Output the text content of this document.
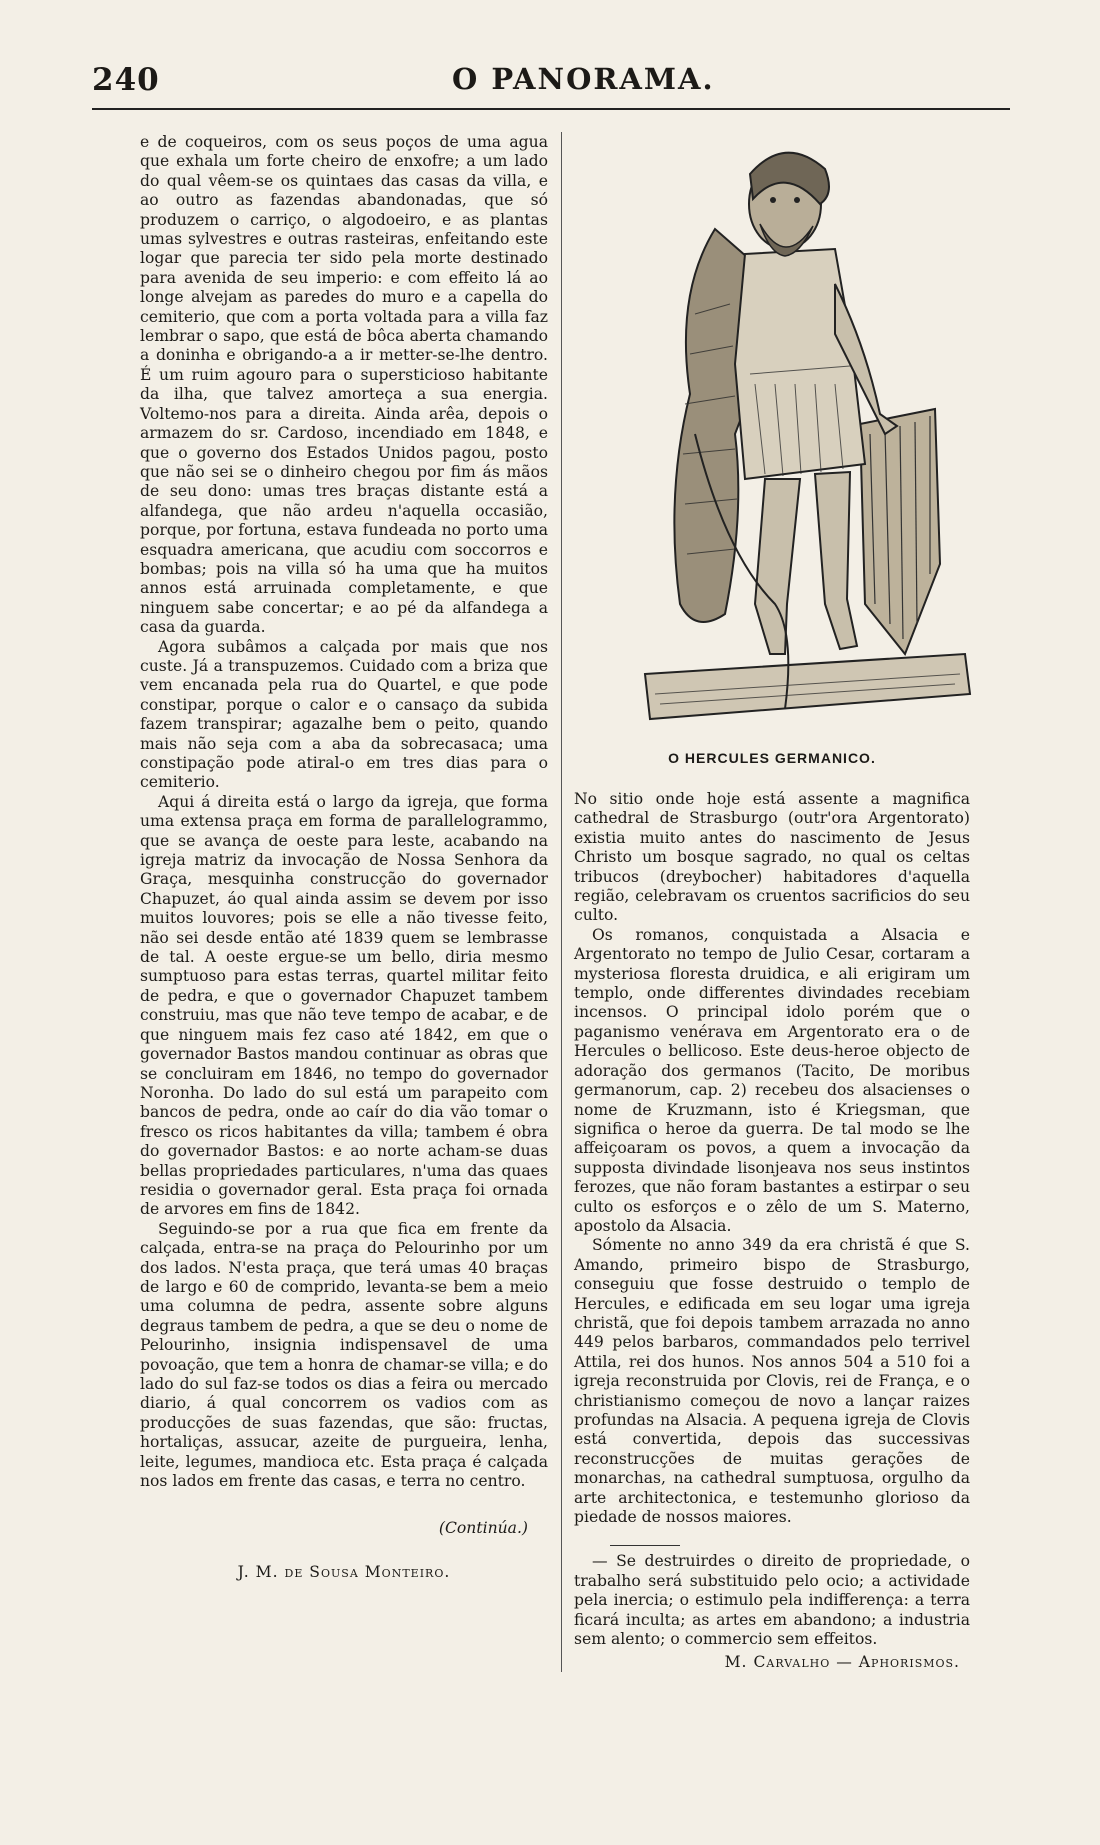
240	O PANORAMA.

e de coqueiros, com os seus poços de uma agua que exhala um forte cheiro de enxofre; a um lado do qual vêem-se os quintaes das casas da villa, e ao outro as fazendas abandonadas, que só produzem o carriço, o algodoeiro, e as plantas umas sylvestres e outras rasteiras, enfeitando este logar que parecia ter sido pela morte destinado para avenida de seu imperio: e com effeito lá ao longe alvejam as paredes do muro e a capella do cemiterio, que com a porta voltada para a villa faz lembrar o sapo, que está de bôca aberta chamando a doninha e obrigando-a a ir metter-se-lhe dentro. É um ruim agouro para o supersticioso habitante da ilha, que talvez amorteça a sua energia. Voltemo-nos para a direita. Ainda arêa, depois o armazem do sr. Cardoso, incendiado em 1848, e que o governo dos Estados Unidos pagou, posto que não sei se o dinheiro chegou por fim ás mãos de seu dono: umas tres braças distante está a alfandega, que não ardeu n'aquella occasião, porque, por fortuna, estava fundeada no porto uma esquadra americana, que acudiu com soccorros e bombas; pois na villa só ha uma que ha muitos annos está arruinada completamente, e que ninguem sabe concertar; e ao pé da alfandega a casa da guarda.

Agora subâmos a calçada por mais que nos custe. Já a transpuzemos. Cuidado com a briza que vem encanada pela rua do Quartel, e que pode constipar, porque o calor e o cansaço da subida fazem transpirar; agazalhe bem o peito, quando mais não seja com a aba da sobrecasaca; uma constipação pode atiral-o em tres dias para o cemiterio.

Aqui á direita está o largo da igreja, que forma uma extensa praça em forma de parallelogrammo, que se avança de oeste para leste, acabando na igreja matriz da invocação de Nossa Senhora da Graça, mesquinha construcção do governador Chapuzet, áo qual ainda assim se devem por isso muitos louvores; pois se elle a não tivesse feito, não sei desde então até 1839 quem se lembrasse de tal. A oeste ergue-se um bello, diria mesmo sumptuoso para estas terras, quartel militar feito de pedra, e que o governador Chapuzet tambem construiu, mas que não teve tempo de acabar, e de que ninguem mais fez caso até 1842, em que o governador Bastos mandou continuar as obras que se concluiram em 1846, no tempo do governador Noronha. Do lado do sul está um parapeito com bancos de pedra, onde ao caír do dia vão tomar o fresco os ricos habitantes da villa; tambem é obra do governador Bastos: e ao norte acham-se duas bellas propriedades particulares, n'uma das quaes residia o governador geral. Esta praça foi ornada de arvores em fins de 1842.

Seguindo-se por a rua que fica em frente da calçada, entra-se na praça do Pelourinho por um dos lados. N'esta praça, que terá umas 40 braças de largo e 60 de comprido, levanta-se bem a meio uma columna de pedra, assente sobre alguns degraus tambem de pedra, a que se deu o nome de Pelourinho, insignia indispensavel de uma povoação, que tem a honra de chamar-se villa; e do lado do sul faz-se todos os dias a feira ou mercado diario, á qual concorrem os vadios com as producções de suas fazendas, que são: fructas, hortaliças, assucar, azeite de purgueira, lenha, leite, legumes, mandioca etc. Esta praça é calçada nos lados em frente das casas, e terra no centro.

(Continúa.)
J. M. de Sousa Monteiro.
O HERCULES GERMANICO.

No sitio onde hoje está assente a magnifica cathedral de Strasburgo (outr'ora Argentorato) existia muito antes do nascimento de Jesus Christo um bosque sagrado, no qual os celtas tribucos (dreybocher) habitadores d'aquella região, celebravam os cruentos sacrificios do seu culto.

Os romanos, conquistada a Alsacia e Argentorato no tempo de Julio Cesar, cortaram a mysteriosa floresta druidica, e ali erigiram um templo, onde differentes divindades recebiam incensos. O principal idolo porém que o paganismo venérava em Argentorato era o de Hercules o bellicoso. Este deus-heroe objecto de adoração dos germanos (Tacito, De moribus germanorum, cap. 2) recebeu dos alsacienses o nome de Kruzmann, isto é Kriegsman, que significa o heroe da guerra. De tal modo se lhe affeiçoaram os povos, a quem a invocação da supposta divindade lisonjeava nos seus instintos ferozes, que não foram bastantes a estirpar o seu culto os esforços e o zêlo de um S. Materno, apostolo da Alsacia.

Sómente no anno 349 da era christã é que S. Amando, primeiro bispo de Strasburgo, conseguiu que fosse destruido o templo de Hercules, e edificada em seu logar uma igreja christã, que foi depois tambem arrazada no anno 449 pelos barbaros, commandados pelo terrivel Attila, rei dos hunos. Nos annos 504 a 510 foi a igreja reconstruida por Clovis, rei de França, e o christianismo começou de novo a lançar raizes profundas na Alsacia. A pequena igreja de Clovis está convertida, depois das successivas reconstrucções de muitas gerações de monarchas, na cathedral sumptuosa, orgulho da arte architectonica, e testemunho glorioso da piedade de nossos maiores.

— Se destruirdes o direito de propriedade, o trabalho será substituido pelo ocio; a actividade pela inercia; o estimulo pela indifferença: a terra ficará inculta; as artes em abandono; a industria sem alento; o commercio sem effeitos.

M. Carvalho — Aphorismos.
